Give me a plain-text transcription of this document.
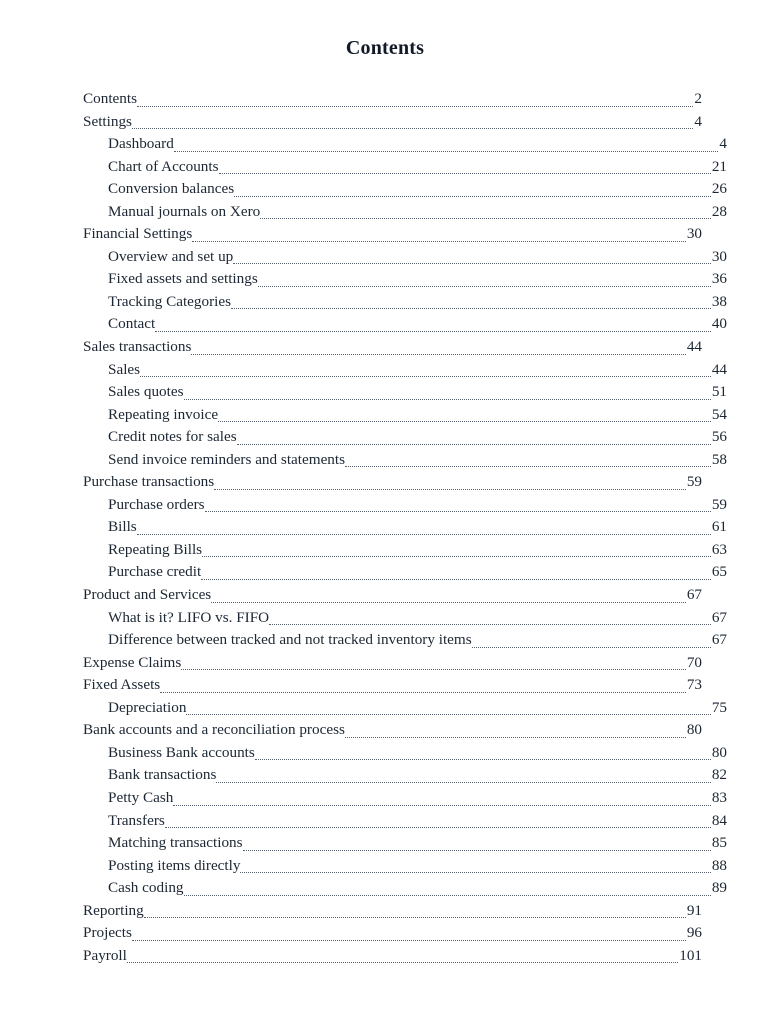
Contents
Contents	2
Settings	4
Dashboard	4
Chart of Accounts	21
Conversion balances	26
Manual journals on Xero	28
Financial Settings	30
Overview and set up	30
Fixed assets and settings	36
Tracking Categories	38
Contact	40
Sales transactions	44
Sales	44
Sales quotes	51
Repeating invoice	54
Credit notes for sales	56
Send invoice reminders and statements	58
Purchase transactions	59
Purchase orders	59
Bills	61
Repeating Bills	63
Purchase credit	65
Product and Services	67
What is it? LIFO vs. FIFO	67
Difference between tracked and not tracked inventory items	67
Expense Claims	70
Fixed Assets	73
Depreciation	75
Bank accounts and a reconciliation process	80
Business Bank accounts	80
Bank transactions	82
Petty Cash	83
Transfers	84
Matching transactions	85
Posting items directly	88
Cash coding	89
Reporting	91
Projects	96
Payroll	101
